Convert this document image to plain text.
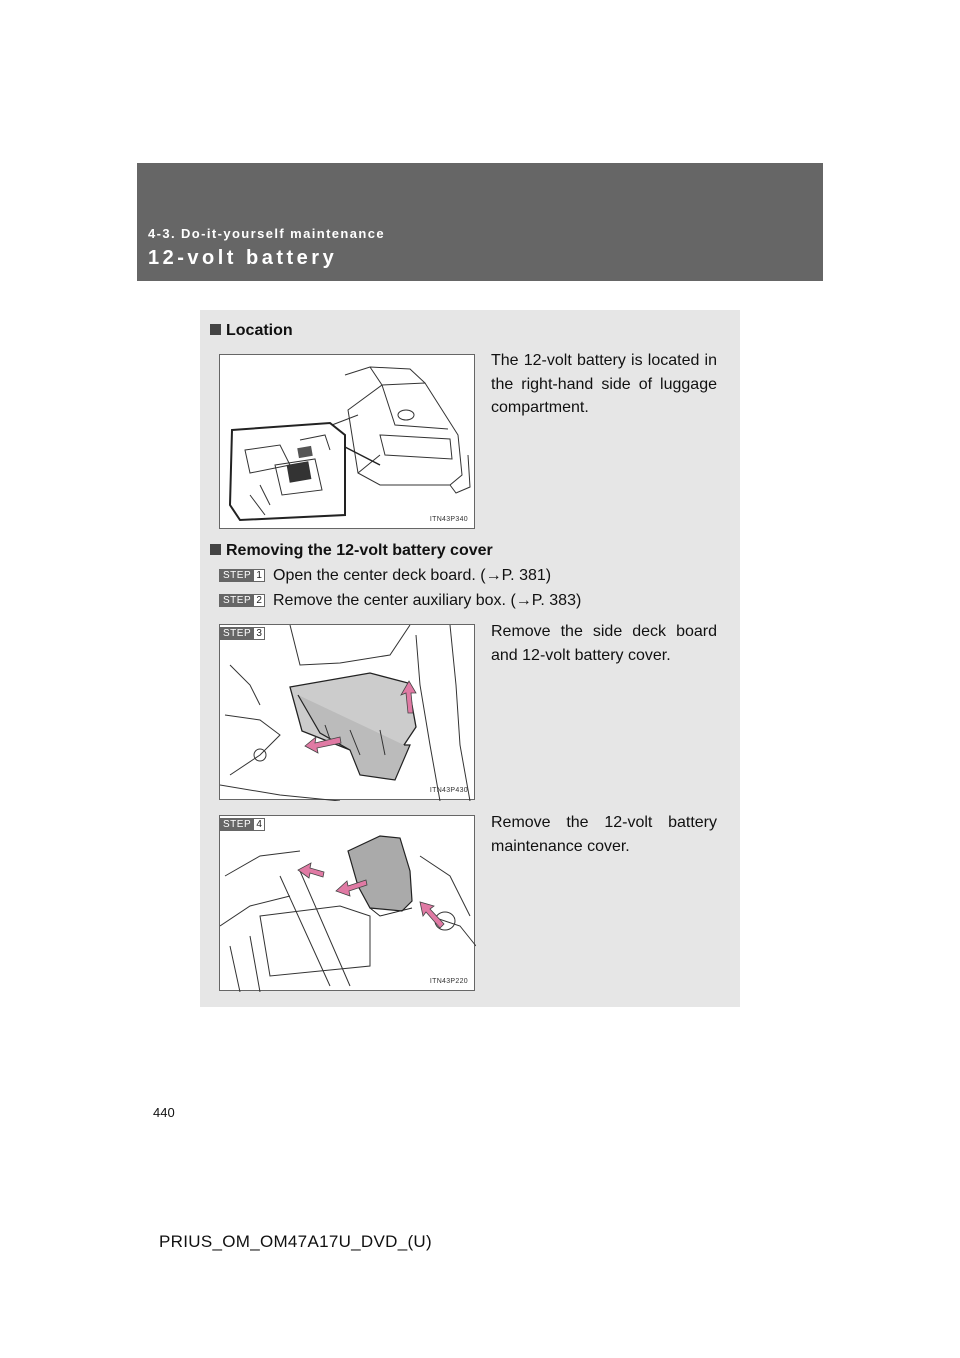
4-3. Do-it-yourself maintenance
12-volt battery
Location
ITN43P340
The 12-volt battery is located in the right-hand side of luggage compartment.
Removing the 12-volt battery cover
STEP 1 Open the center deck board. (→P. 381)
STEP 2 Remove the center auxiliary box. (→P. 383)
ITN43P430
STEP 3	Remove the side deck board and 12-volt battery cover.
ITN43P220
STEP 4	Remove the 12-volt battery maintenance cover.
440
PRIUS_OM_OM47A17U_DVD_(U)
